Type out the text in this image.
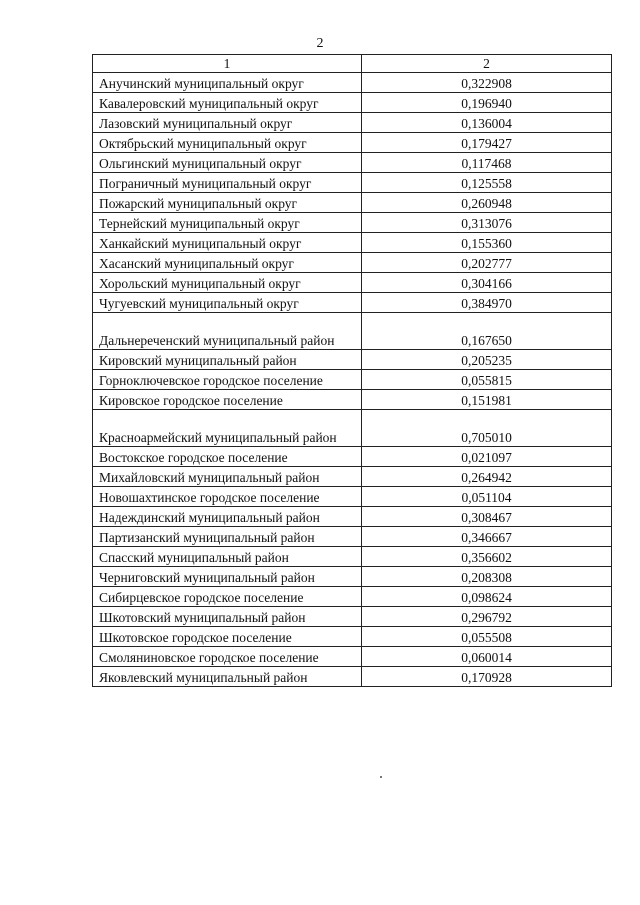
2
1	2
Анучинский муниципальный округ	0,322908
Кавалеровский муниципальный округ	0,196940
Лазовский муниципальный округ	0,136004
Октябрьский муниципальный округ	0,179427
Ольгинский муниципальный округ	0,117468
Пограничный муниципальный округ	0,125558
Пожарский муниципальный округ	0,260948
Тернейский муниципальный округ	0,313076
Ханкайский муниципальный округ	0,155360
Хасанский муниципальный округ	0,202777
Хорольский муниципальный округ	0,304166
Чугуевский муниципальный округ	0,384970
Дальнереченский муниципальный район	0,167650
Кировский муниципальный район	0,205235
Горноключевское городское поселение	0,055815
Кировское городское поселение	0,151981
Красноармейский муниципальный район	0,705010
Востокское городское поселение	0,021097
Михайловский муниципальный район	0,264942
Новошахтинское городское поселение	0,051104
Надеждинский муниципальный район	0,308467
Партизанский муниципальный район	0,346667
Спасский муниципальный район	0,356602
Черниговский муниципальный район	0,208308
Сибирцевское городское поселение	0,098624
Шкотовский муниципальный район	0,296792
Шкотовское городское поселение	0,055508
Смоляниновское городское поселение	0,060014
Яковлевский муниципальный район	0,170928
